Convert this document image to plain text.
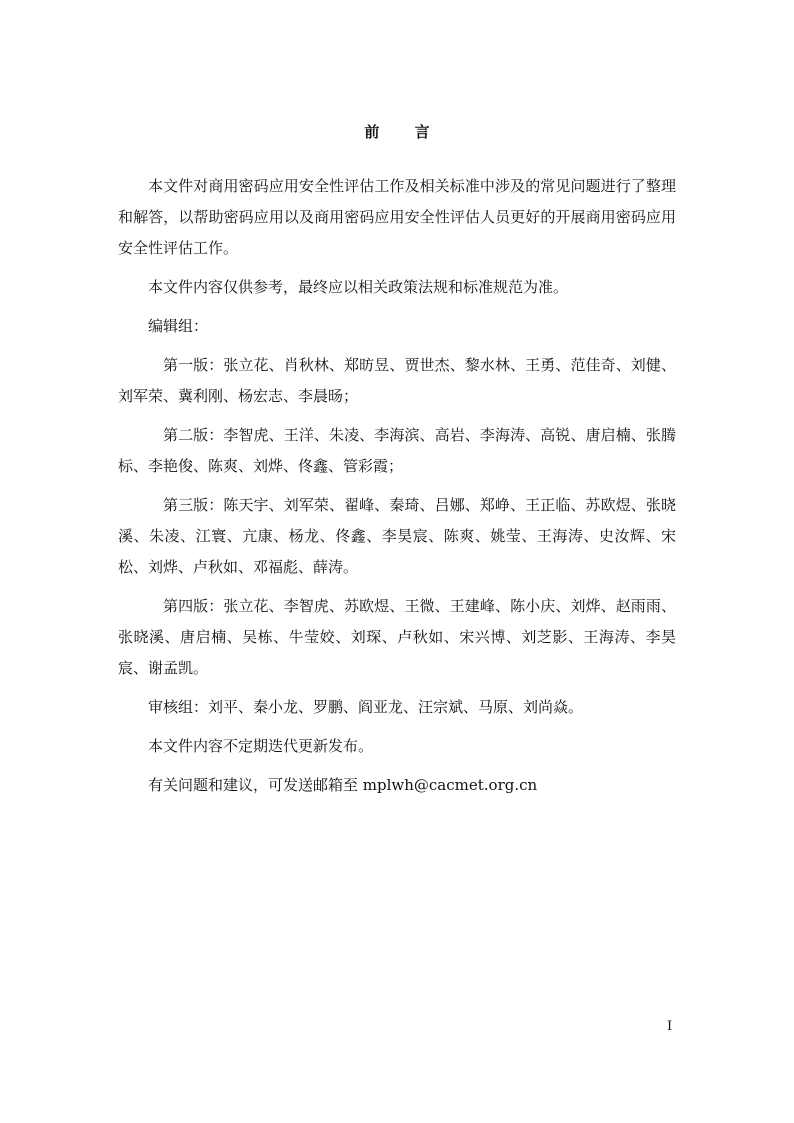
前 言

本文件对商用密码应用安全性评估工作及相关标准中涉及的常见问题进行了整理和解答，以帮助密码应用以及商用密码应用安全性评估人员更好的开展商用密码应用安全性评估工作。

本文件内容仅供参考，最终应以相关政策法规和标准规范为准。

编辑组：

第一版：张立花、肖秋林、郑昉昱、贾世杰、黎水林、王勇、范佳奇、刘健、刘军荣、冀利刚、杨宏志、李晨旸；

第二版：李智虎、王洋、朱凌、李海滨、高岩、李海涛、高锐、唐启楠、张腾标、李艳俊、陈爽、刘烨、佟鑫、管彩霞；

第三版：陈天宇、刘军荣、翟峰、秦琦、吕娜、郑峥、王正临、苏欧煜、张晓溪、朱凌、江寰、亢康、杨龙、佟鑫、李昊宸、陈爽、姚莹、王海涛、史汝辉、宋松、刘烨、卢秋如、邓福彪、薛涛。

第四版：张立花、李智虎、苏欧煜、王微、王建峰、陈小庆、刘烨、赵雨雨、张晓溪、唐启楠、吴栋、牛莹姣、刘琛、卢秋如、宋兴博、刘芝影、王海涛、李昊宸、谢孟凯。

审核组：刘平、秦小龙、罗鹏、阎亚龙、汪宗斌、马原、刘尚焱。

本文件内容不定期迭代更新发布。

有关问题和建议，可发送邮箱至 mplwh@cacmet.org.cn

I
